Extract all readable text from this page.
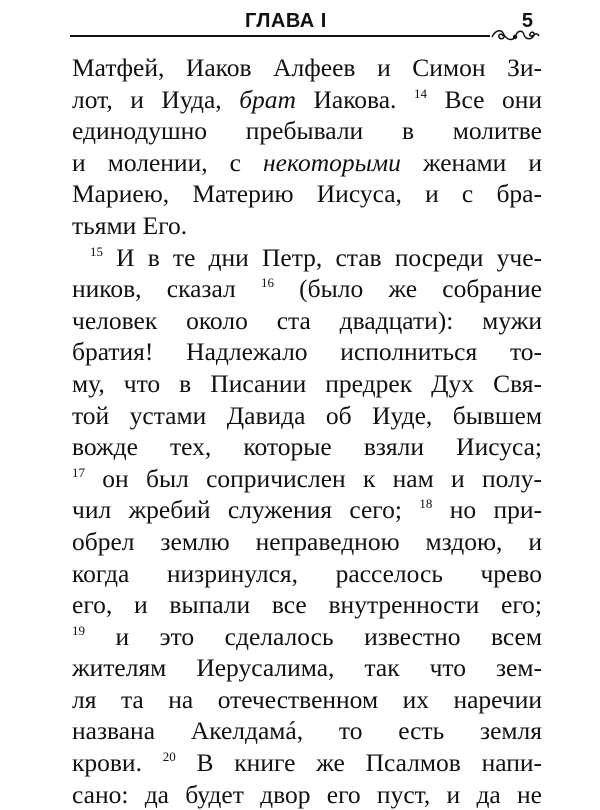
ГЛАВА I	5
Матфей, Иаков Алфеев и Симон Зи-
лот, и Иуда, брат Иакова. $^{14}$ Все они
единодушно пребывали в молитве
и молении, с некоторыми женами и
Мариею, Материю Иисуса, и с бра-
тьями Его.
$^{15}$ И в те дни Петр, став посреди уче-
ников, сказал $^{16}$ (было же собрание
человек около ста двадцати): мужи
братия! Надлежало исполниться то-
му, что в Писании предрек Дух Свя-
той устами Давида об Иуде, бывшем
вожде тех, которые взяли Иисуса;
$^{17}$ он был сопричислен к нам и полу-
чил жребий служения сего; $^{18}$ но при-
обрел землю неправедною мздою, и
когда низринулся, расселось чрево
его, и выпали все внутренности его;
$^{19}$ и это сделалось известно всем
жителям Иерусалима, так что зем-
ля та на отечественном их наречии
названа Акелдамá, то есть земля
крови. $^{20}$ В книге же Псалмов напи-
сано: да будет двор его пуст, и да не
